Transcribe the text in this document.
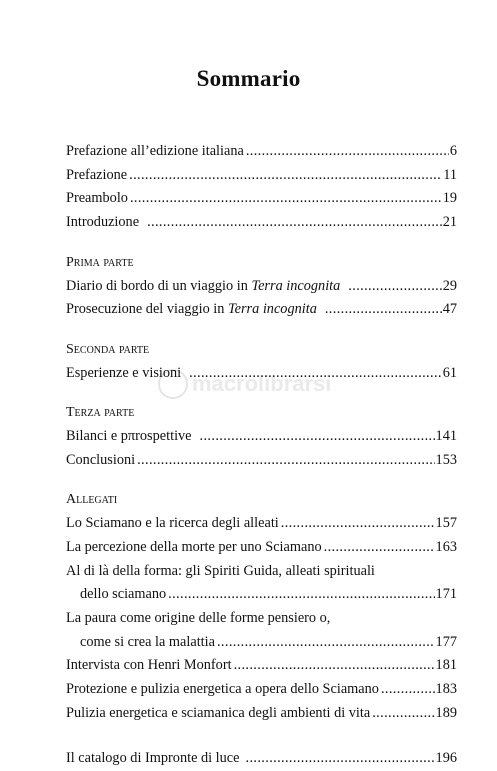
Sommario
macrolibrarsi
Prefazione all’edizione italiana . . .	6
Prefazione . . .	11
Preambolo . . .	19
Introduzione . . .	21
Prima parte
Diario di bordo di un viaggio in Terra incognita . . .	29
Prosecuzione del viaggio in Terra incognita . . .	47
Seconda parte
Esperienze e visioni . . .	61
Terza parte
Bilanci e pπrospettive . . .	141
Conclusioni . . .	153
Allegati
Lo Sciamano e la ricerca degli alleati . . .	157
La percezione della morte per uno Sciamano . . .	163
Al di là della forma: gli Spiriti Guida, alleati spirituali
dello sciamano . . .	171
La paura come origine delle forme pensiero o,
come si crea la malattia . . .	177
Intervista con Henri Monfort . . .	181
Protezione e pulizia energetica a opera dello Sciamano . . .	183
Pulizia energetica e sciamanica degli ambienti di vita . . .	189
Il catalogo di Impronte di luce . . .	196
